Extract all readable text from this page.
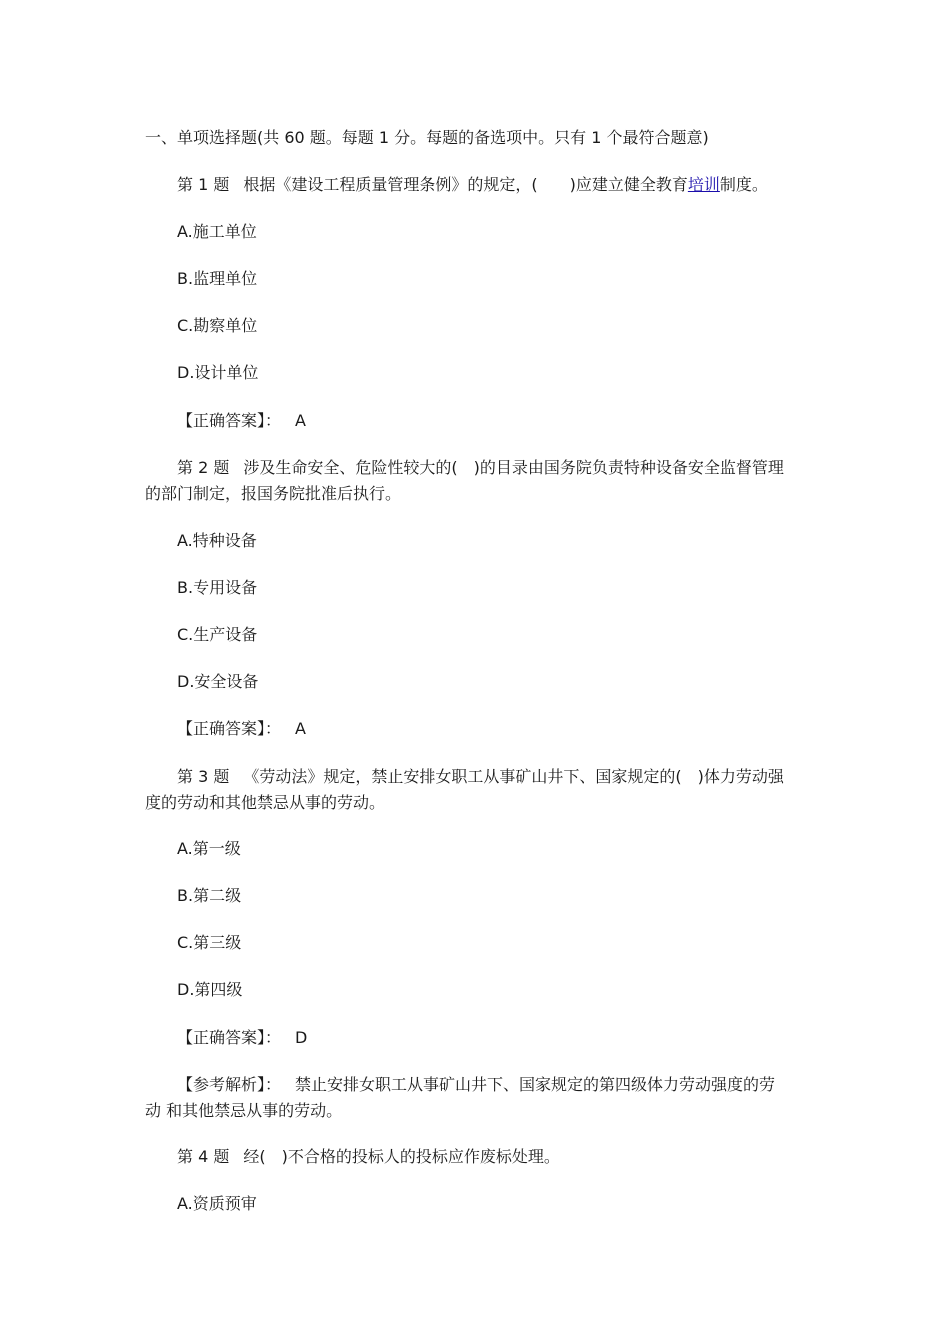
一、单项选择题(共 60 题。每题 1 分。每题的备选项中。只有 1 个最符合题意)
第 1 题 根据《建设工程质量管理条例》的规定，(　　)应建立健全教育培训制度。
A.施工单位
B.监理单位
C.勘察单位
D.设计单位
【正确答案】： A
第 2 题 涉及生命安全、危险性较大的(　)的目录由国务院负责特种设备安全监督管理
的部门制定，报国务院批准后执行。
A.特种设备
B.专用设备
C.生产设备
D.安全设备
【正确答案】： A
第 3 题 《劳动法》规定，禁止安排女职工从事矿山井下、国家规定的(　)体力劳动强
度的劳动和其他禁忌从事的劳动。
A.第一级
B.第二级
C.第三级
D.第四级
【正确答案】： D
【参考解析】： 禁止安排女职工从事矿山井下、国家规定的第四级体力劳动强度的劳
动 和其他禁忌从事的劳动。
第 4 题 经(　)不合格的投标人的投标应作废标处理。
A.资质预审
